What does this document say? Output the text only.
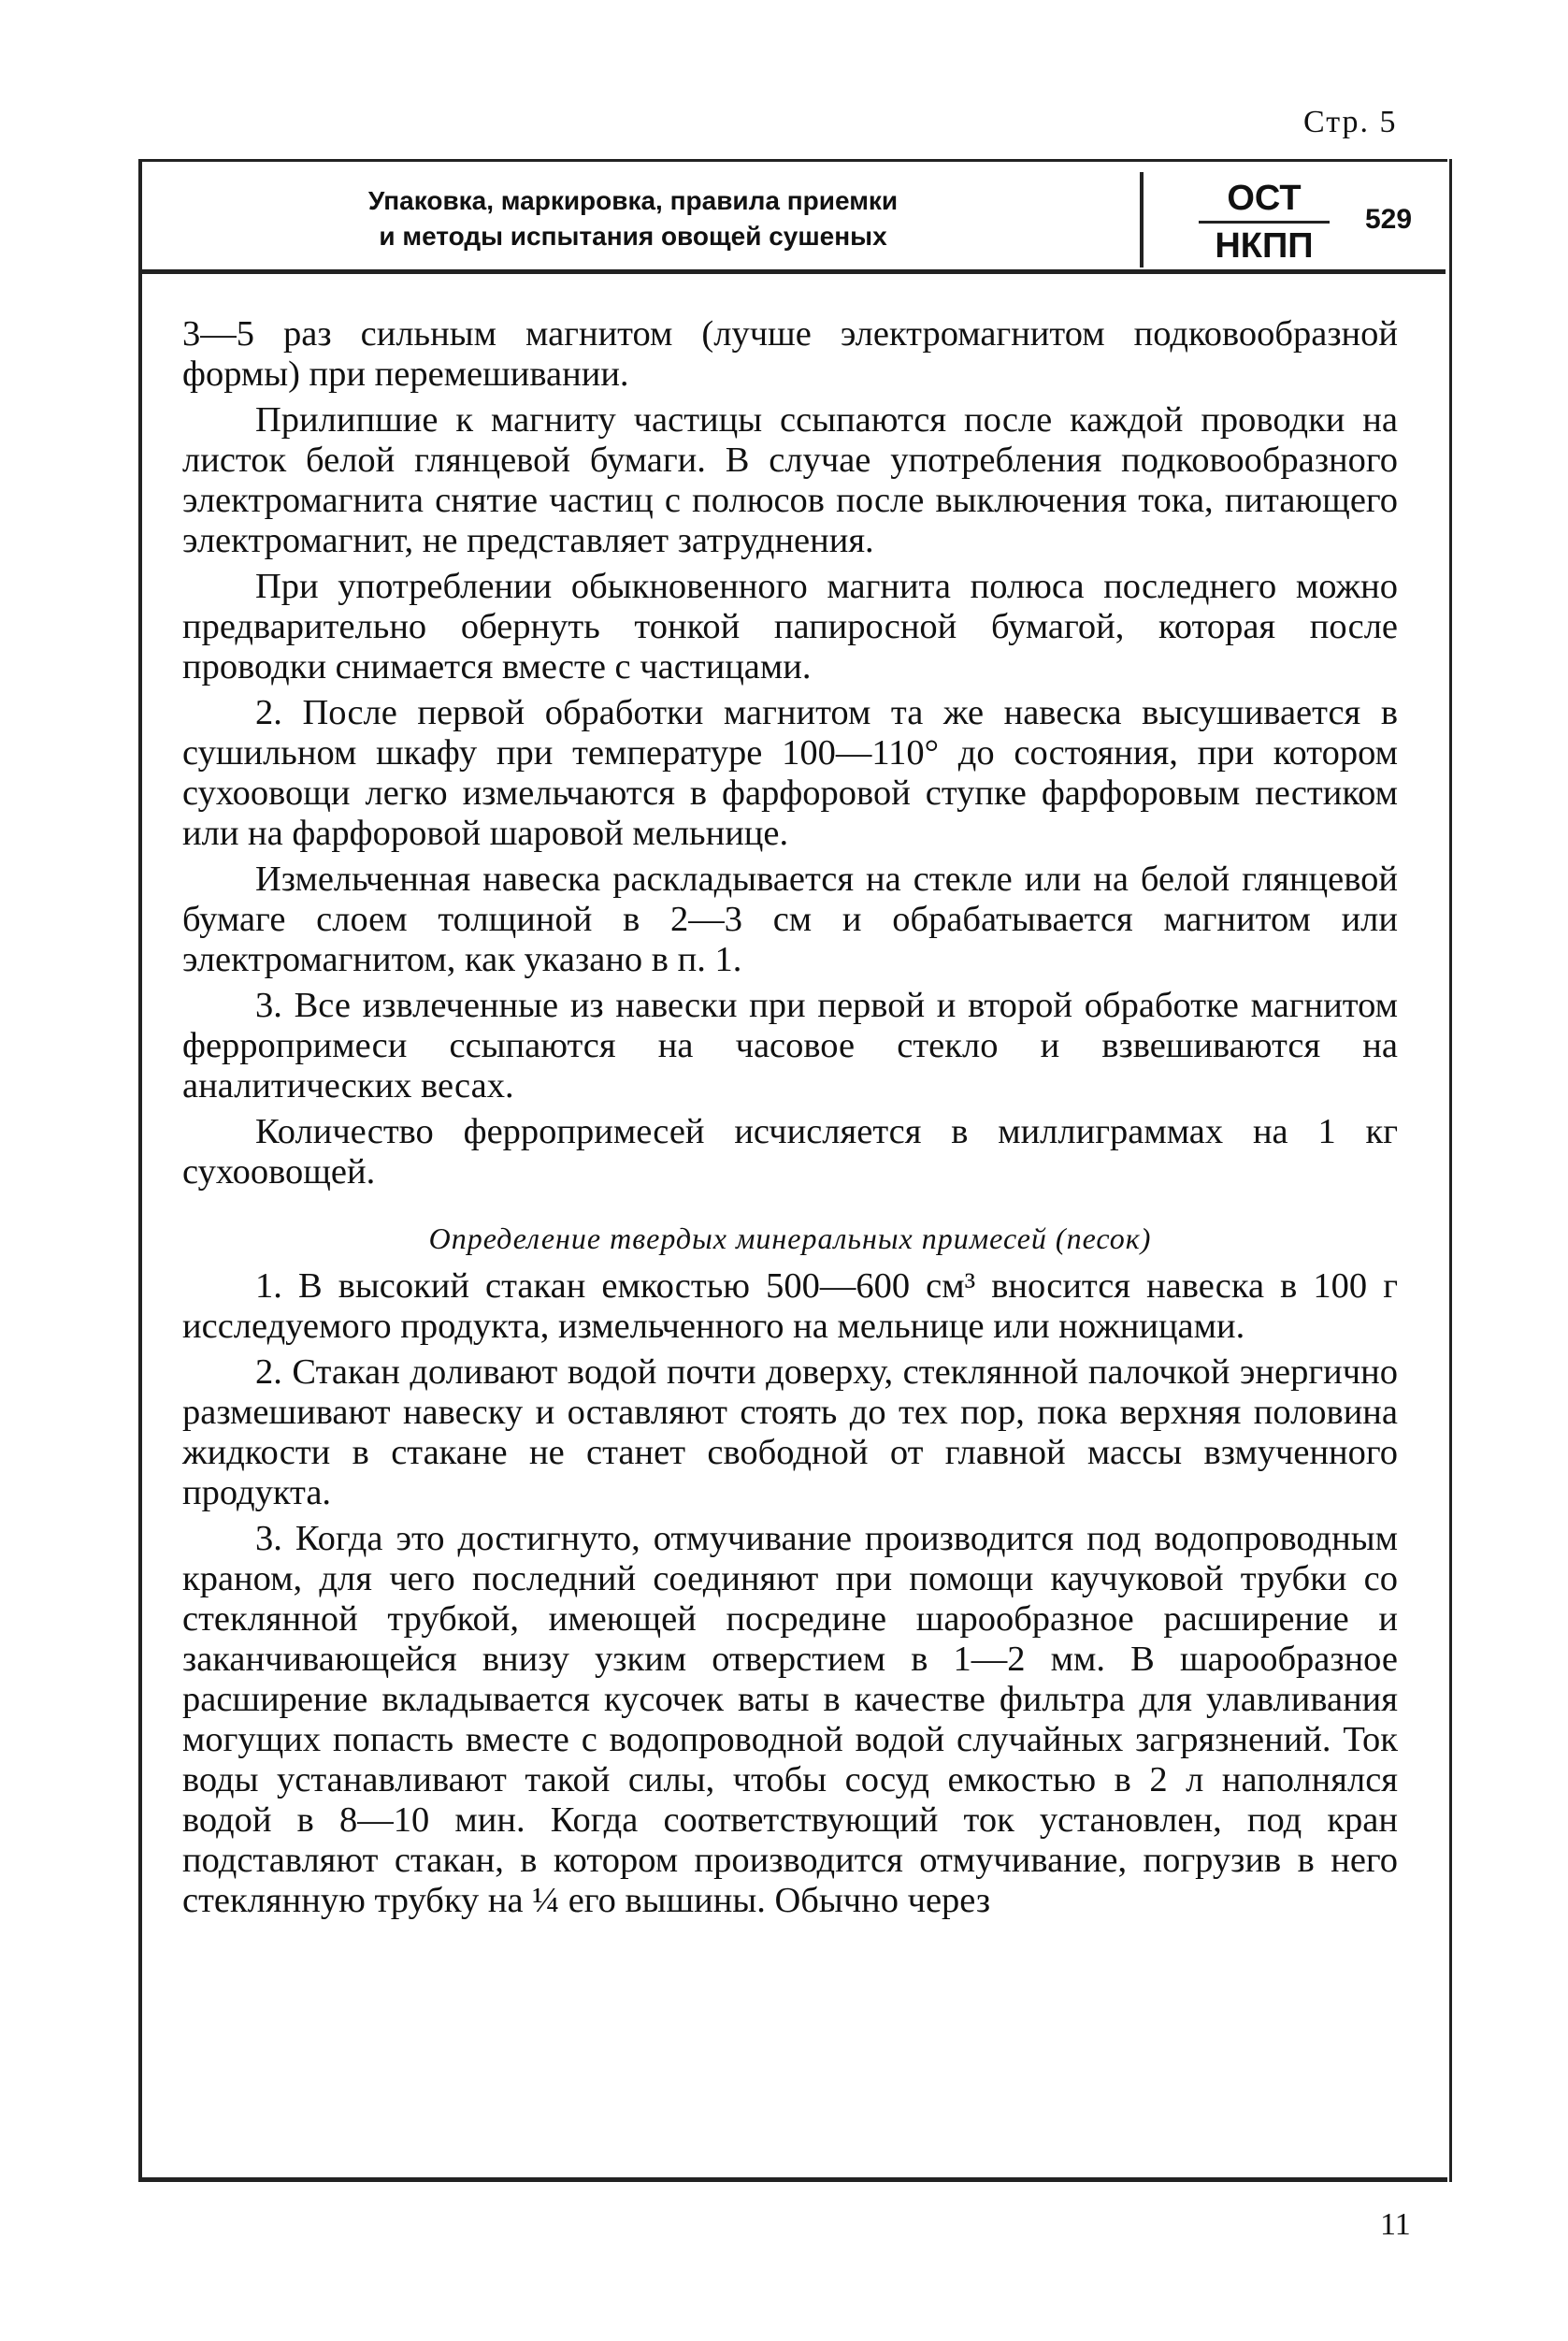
Стр. 5
Упаковка, маркировка, правила приемки
и методы испытания овощей сушеных
ОСТ
НКПП
529

3—5 раз сильным магнитом (лучше электромагнитом подковообразной формы) при перемешивании.

Прилипшие к магниту частицы ссыпаются после каждой проводки на листок белой глянцевой бумаги. В случае употребления подковообразного электромагнита снятие частиц с полюсов после выключения тока, питающего электромагнит, не представляет затруднения.

При употреблении обыкновенного магнита полюса последнего можно предварительно обернуть тонкой папиросной бумагой, которая после проводки снимается вместе с частицами.

2. После первой обработки магнитом та же навеска высушивается в сушильном шкафу при температуре 100—110° до состояния, при котором сухоовощи легко измельчаются в фарфоровой ступке фарфоровым пестиком или на фарфоровой шаровой мельнице.

Измельченная навеска раскладывается на стекле или на белой глянцевой бумаге слоем толщиной в 2—3 см и обрабатывается магнитом или электромагнитом, как указано в п. 1.

3. Все извлеченные из навески при первой и второй обработке магнитом ферропримеси ссыпаются на часовое стекло и взвешиваются на аналитических весах.

Количество ферропримесей исчисляется в миллиграммах на 1 кг сухоовощей.

Определение твердых минеральных примесей (песок)

1. В высокий стакан емкостью 500—600 см³ вносится навеска в 100 г исследуемого продукта, измельченного на мельнице или ножницами.

2. Стакан доливают водой почти доверху, стеклянной палочкой энергично размешивают навеску и оставляют стоять до тех пор, пока верхняя половина жидкости в стакане не станет свободной от главной массы взмученного продукта.

3. Когда это достигнуто, отмучивание производится под водопроводным краном, для чего последний соединяют при помощи каучуковой трубки со стеклянной трубкой, имеющей посредине шарообразное расширение и заканчивающейся внизу узким отверстием в 1—2 мм. В шарообразное расширение вкладывается кусочек ваты в качестве фильтра для улавливания могущих попасть вместе с водопроводной водой случайных загрязнений. Ток воды устанавливают такой силы, чтобы сосуд емкостью в 2 л наполнялся водой в 8—10 мин. Когда соответствующий ток установлен, под кран подставляют стакан, в котором производится отмучивание, погрузив в него стеклянную трубку на ¼ его вышины. Обычно через

11
